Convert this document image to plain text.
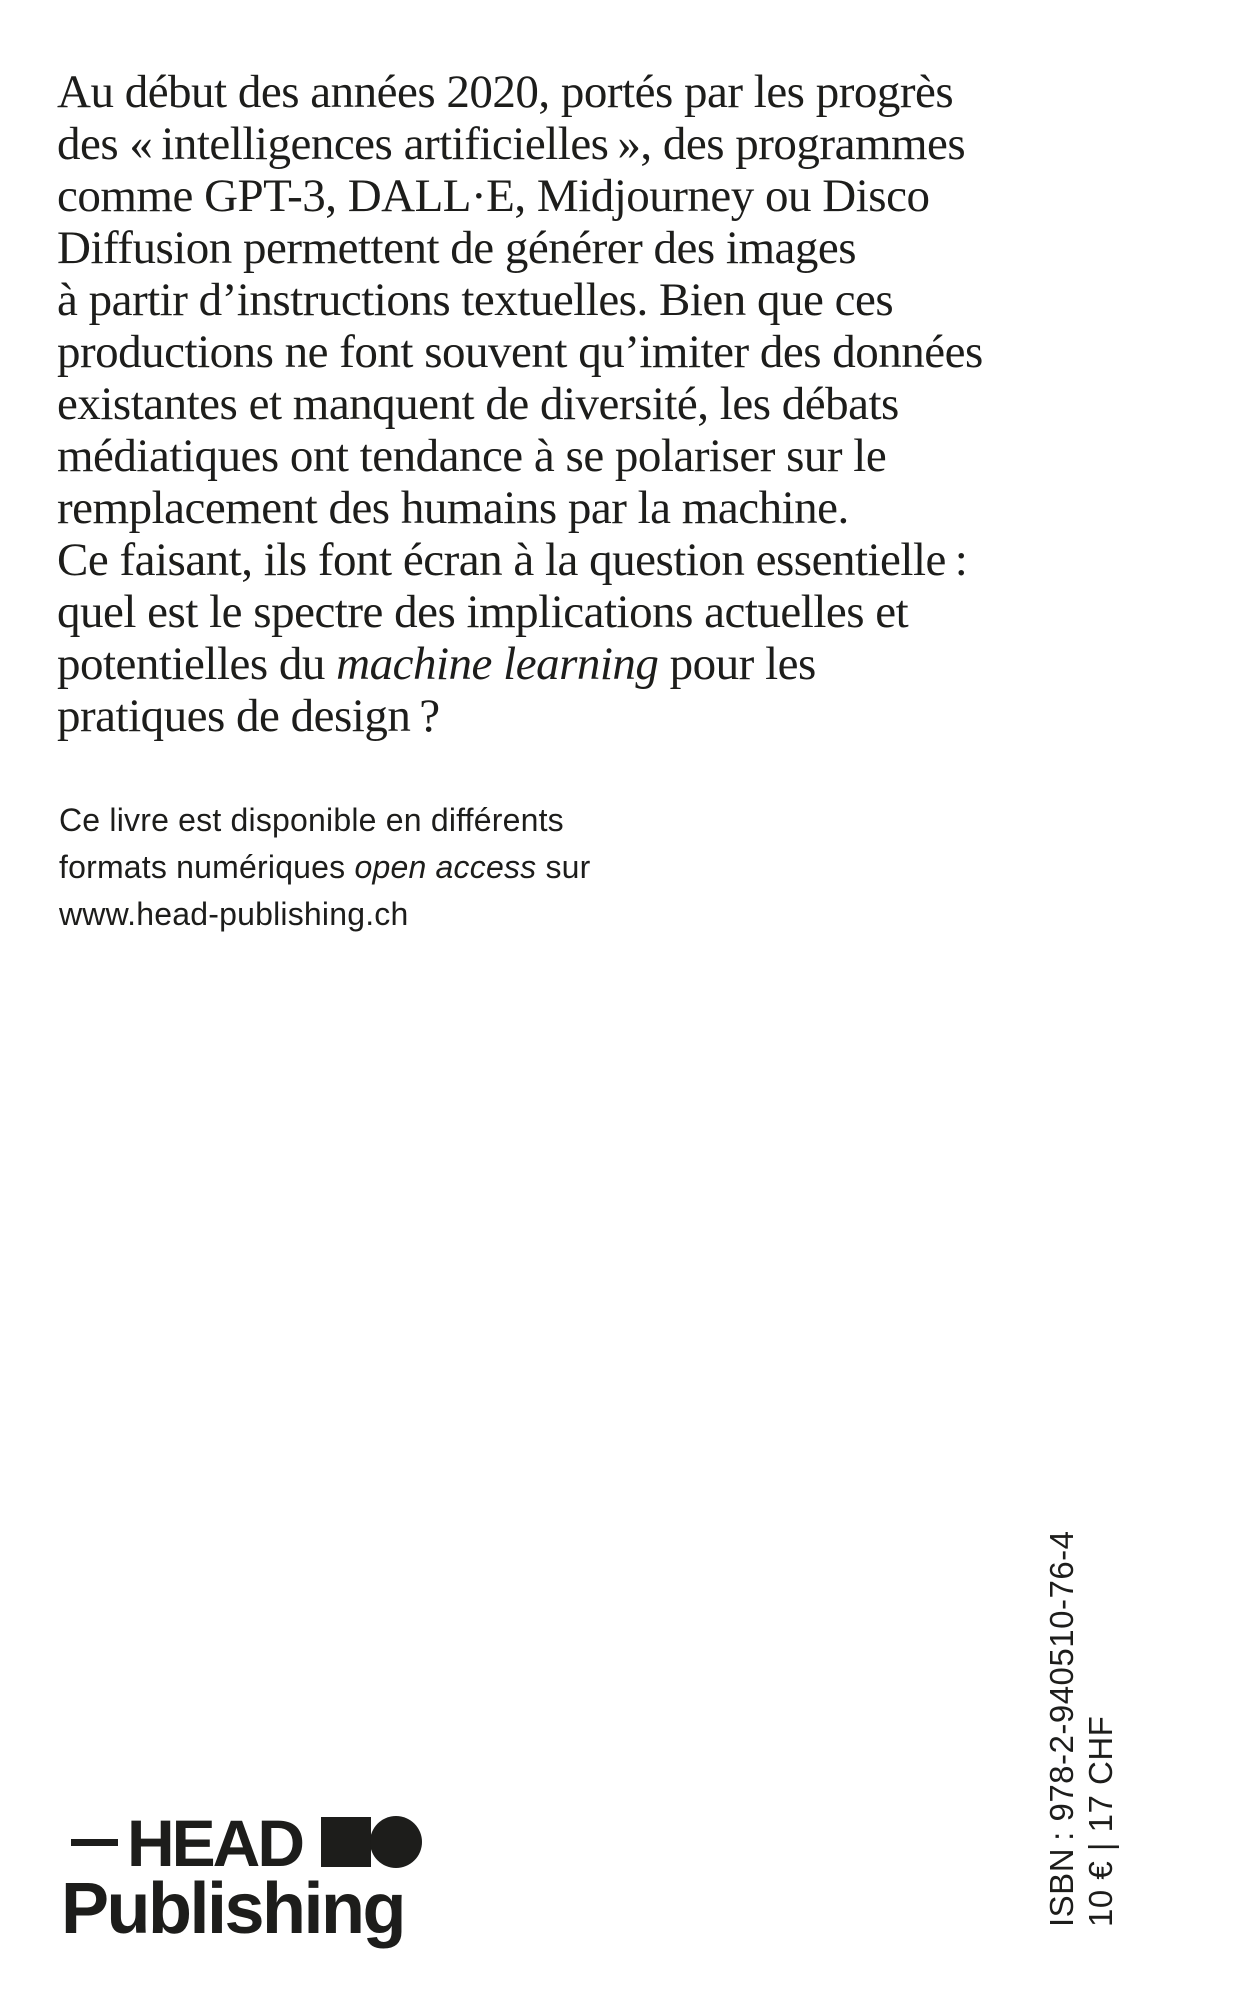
Au début des années 2020, portés par les progrès
des « intelligences artificielles », des programmes
comme GPT-3, DALL·E, Midjourney ou Disco
Diffusion permettent de générer des images
à partir d’instructions textuelles. Bien que ces
productions ne font souvent qu’imiter des données
existantes et manquent de diversité, les débats
médiatiques ont tendance à se polariser sur le
remplacement des humains par la machine.
Ce faisant, ils font écran à la question essentielle :
quel est le spectre des implications actuelles et
potentielles du machine learning pour les
pratiques de design ?
Ce livre est disponible en différents
formats numériques open access sur
www.head-publishing.ch
HEAD
Publishing	ISBN : 978-2-940510-76-4 10 € | 17 CHF
